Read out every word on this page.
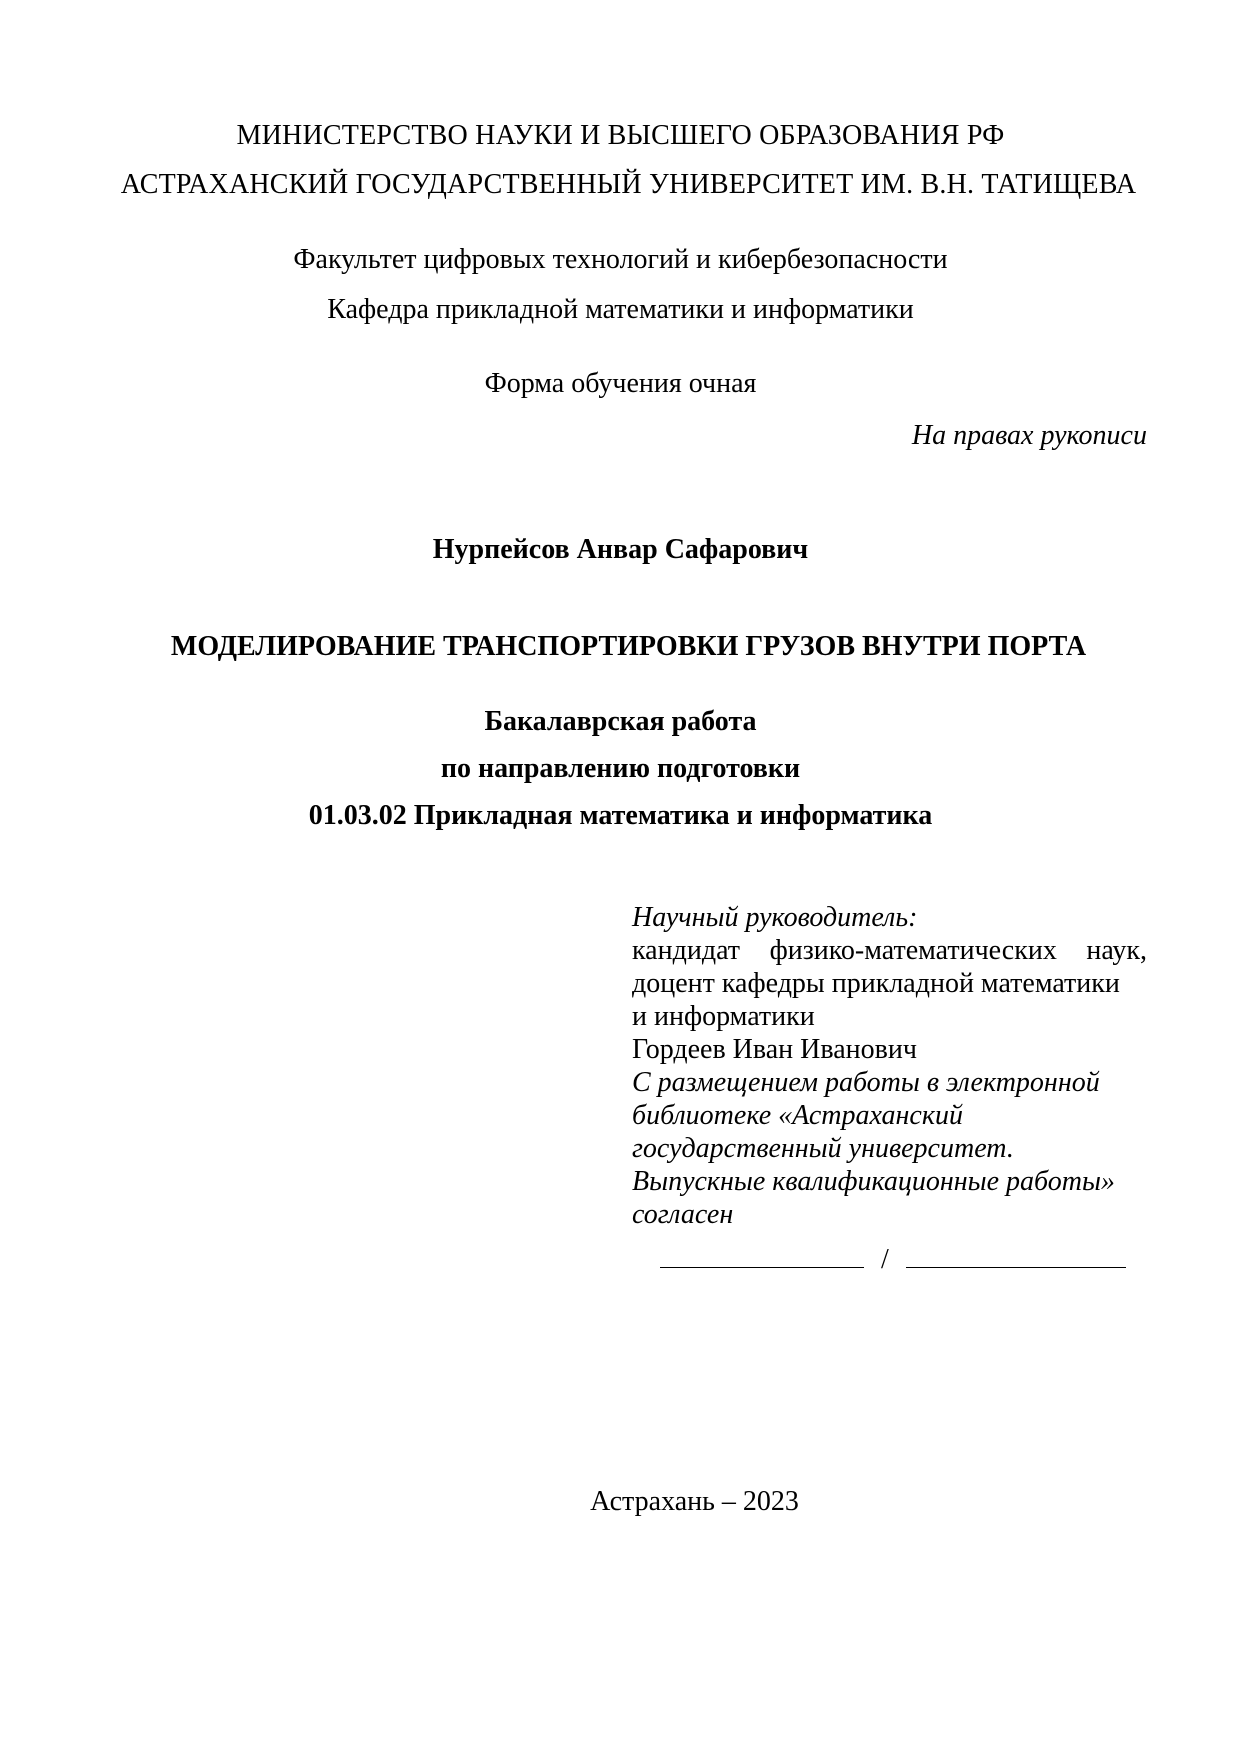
МИНИСТЕРСТВО НАУКИ И ВЫСШЕГО ОБРАЗОВАНИЯ РФ
АСТРАХАНСКИЙ ГОСУДАРСТВЕННЫЙ УНИВЕРСИТЕТ ИМ. В.Н. ТАТИЩЕВА
Факультет цифровых технологий и кибербезопасности
Кафедра прикладной математики и информатики
Форма обучения очная
На правах рукописи
Нурпейсов Анвар Сафарович
МОДЕЛИРОВАНИЕ ТРАНСПОРТИРОВКИ ГРУЗОВ ВНУТРИ ПОРТА
Бакалаврская работа
по направлению подготовки
01.03.02 Прикладная математика и информатика
Научный руководитель:
кандидат физико-математических наук,
доцент кафедры прикладной математики
и информатики
Гордеев Иван Иванович
С размещением работы в электронной
библиотеке «Астраханский
государственный университет.
Выпускные квалификационные работы»
согласен
/
Астрахань – 2023
